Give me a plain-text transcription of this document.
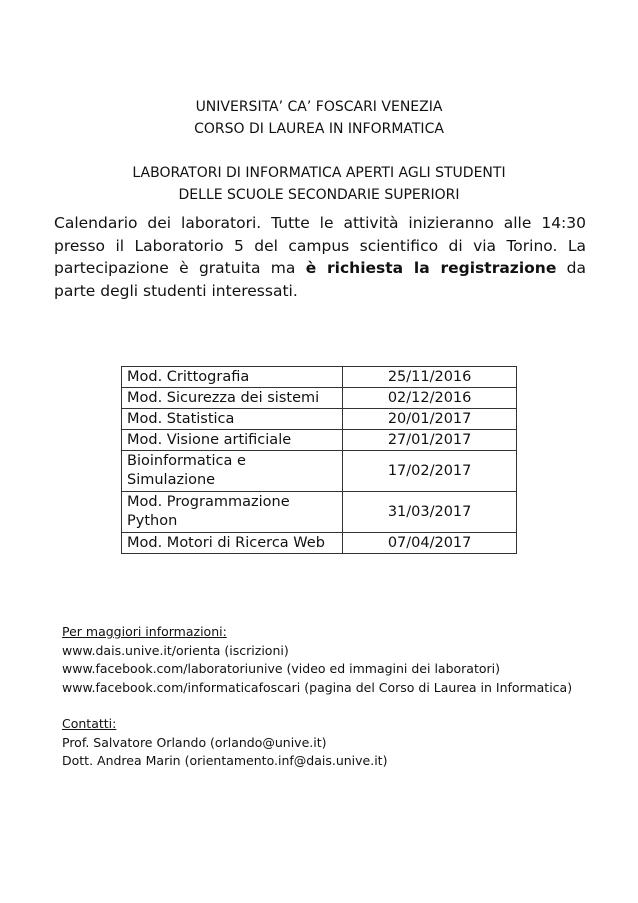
UNIVERSITA’ CA’ FOSCARI VENEZIA
CORSO DI LAUREA IN INFORMATICA
LABORATORI DI INFORMATICA APERTI AGLI STUDENTI
DELLE SCUOLE SECONDARIE SUPERIORI

Calendario dei laboratori. Tutte le attività inizieranno alle 14:30 presso il Laboratorio 5 del campus scientifico di via Torino. La partecipazione è gratuita ma è richiesta la registrazione da parte degli studenti interessati.

Mod. Crittografia	25/11/2016
Mod. Sicurezza dei sistemi	02/12/2016
Mod. Statistica	20/01/2017
Mod. Visione artificiale	27/01/2017
Bioinformatica e
Simulazione	17/02/2017
Mod. Programmazione
Python	31/03/2017
Mod. Motori di Ricerca Web	07/04/2017
Per maggiori informazioni:
www.dais.unive.it/orienta (iscrizioni)
www.facebook.com/laboratoriunive (video ed immagini dei laboratori)
www.facebook.com/informaticafoscari (pagina del Corso di Laurea in Informatica)
Contatti:
Prof. Salvatore Orlando (orlando@unive.it)
Dott. Andrea Marin (orientamento.inf@dais.unive.it)
